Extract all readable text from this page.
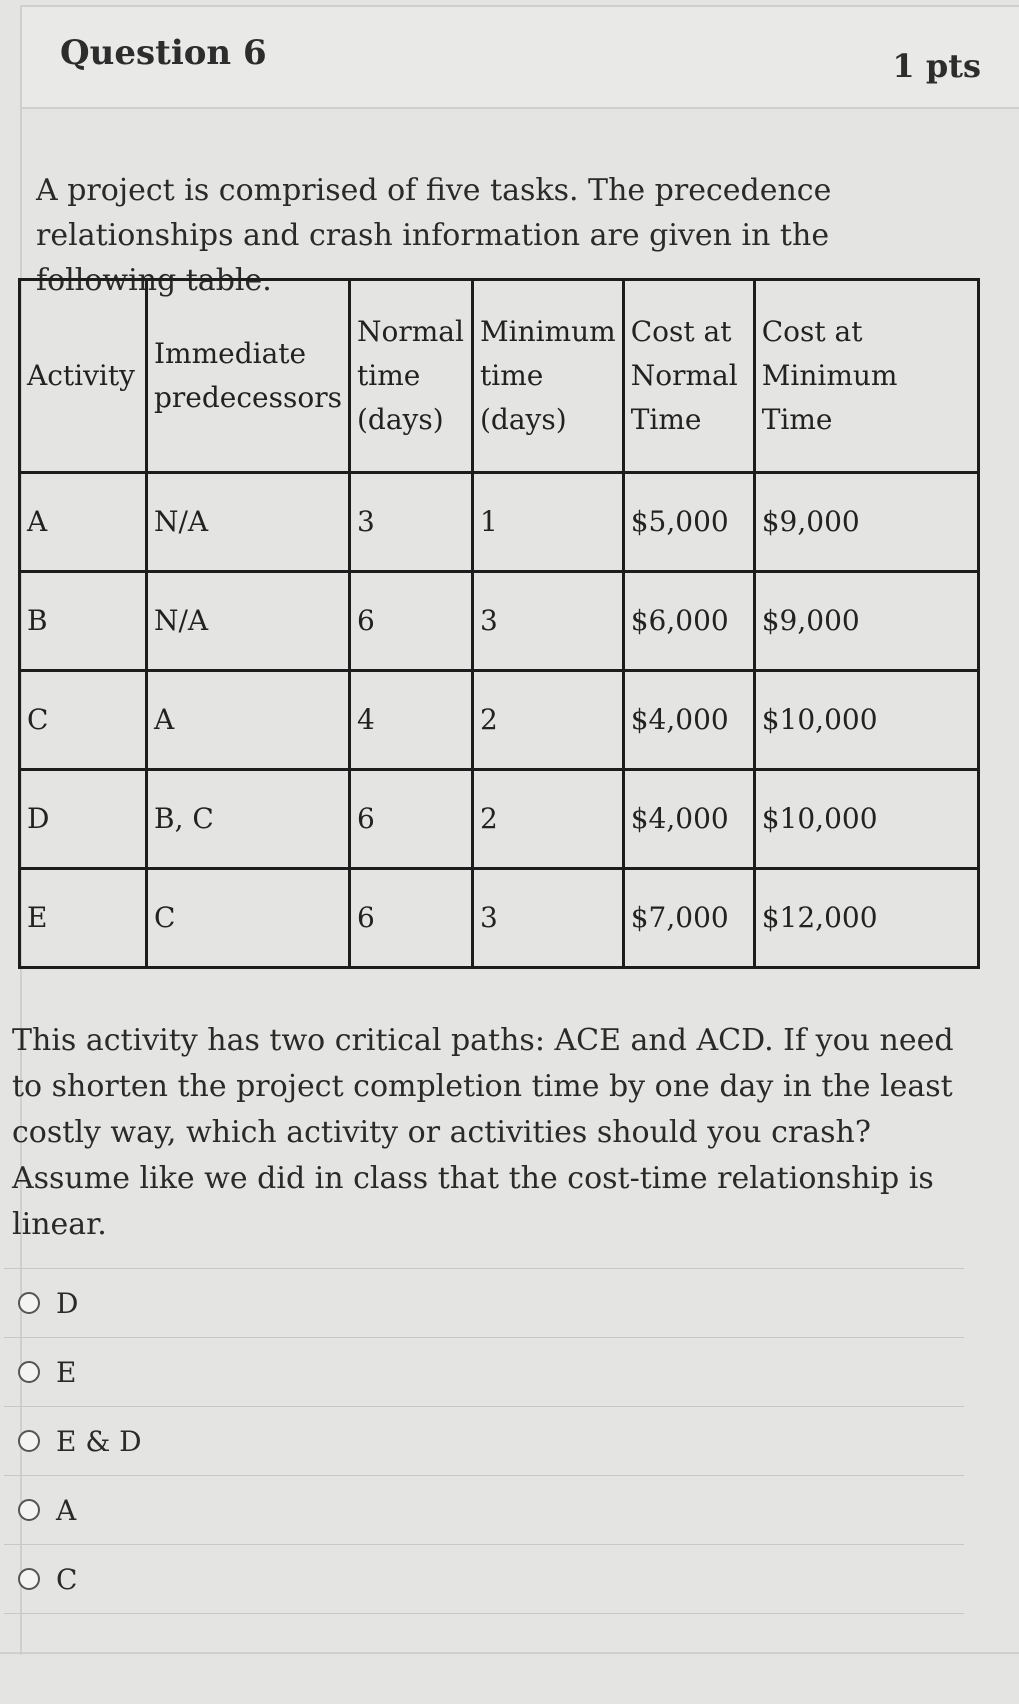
Question 6	1 pts
A project is comprised of five tasks. The precedence relationships and crash information are given in the following table.
Activity	Immediate predecessors	Normal time (days)	Minimum time (days)	Cost at Normal Time	Cost at Minimum Time
A	N/A	3	1	$5,000	$9,000
B	N/A	6	3	$6,000	$9,000
C	A	4	2	$4,000	$10,000
D	B, C	6	2	$4,000	$10,000
E	C	6	3	$7,000	$12,000
This activity has two critical paths: ACE and ACD. If you need to shorten the project completion time by one day in the least costly way, which activity or activities should you crash? Assume like we did in class that the cost-time relationship is linear.
D
E
E & D
A
C
